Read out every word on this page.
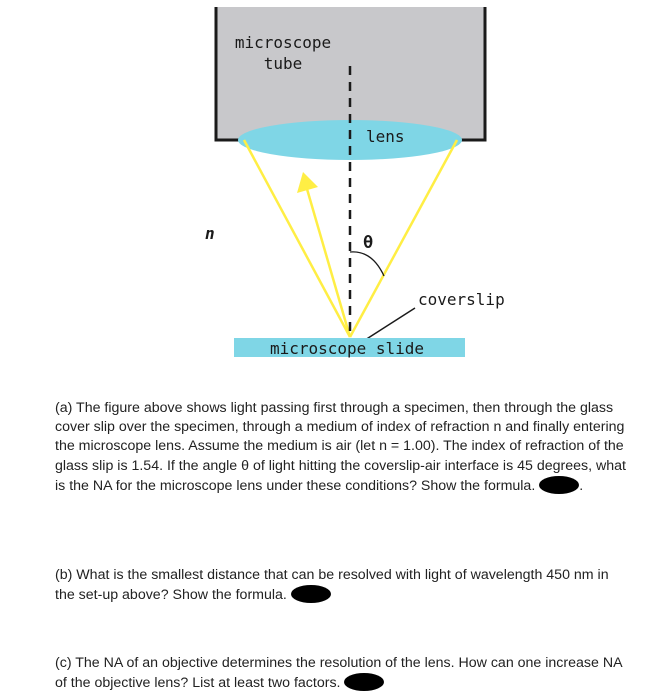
microscope
tube
lens
n	θ
coverslip
microscope slide

(a) The figure above shows light passing first through a specimen, then through the glass cover slip over the specimen, through a medium of index of refraction n and finally entering the microscope lens. Assume the medium is air (let n = 1.00). The index of refraction of the glass slip is 1.54. If the angle θ of light hitting the coverslip-air interface is 45 degrees, what is the NA for the microscope lens under these conditions? Show the formula.	.

(b) What is the smallest distance that can be resolved with light of wavelength 450 nm in the set-up above? Show the formula.

(c) The NA of an objective determines the resolution of the lens. How can one increase NA of the objective lens? List at least two factors.
